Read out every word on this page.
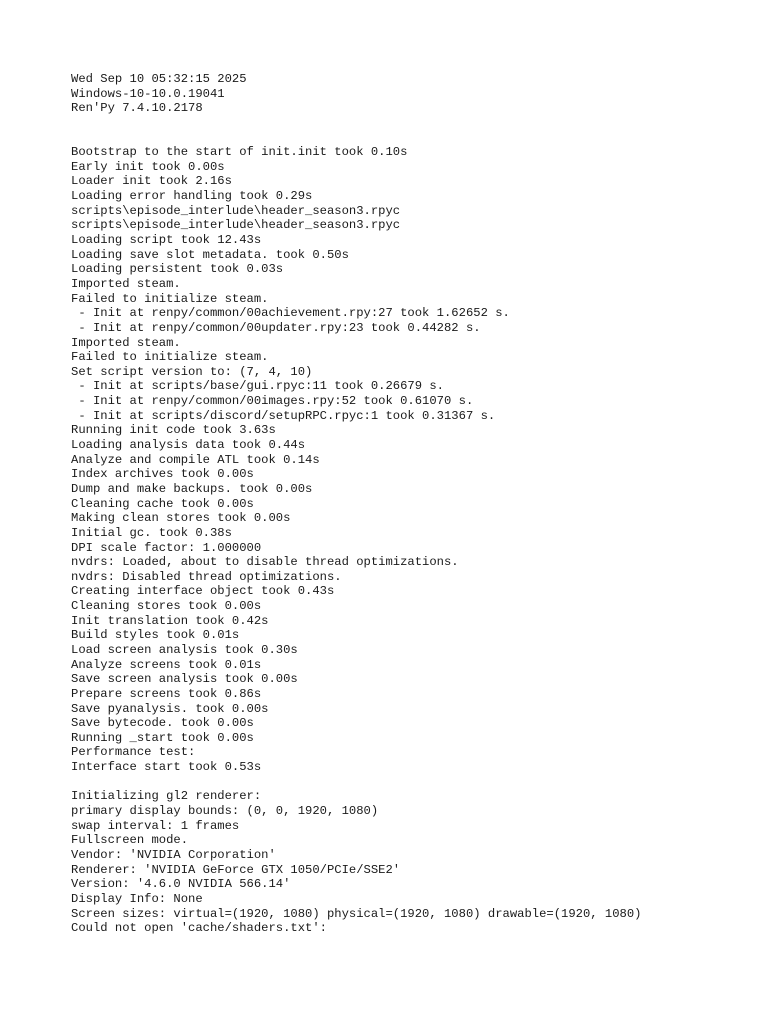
Wed Sep 10 05:32:15 2025
Windows-10-10.0.19041
Ren'Py 7.4.10.2178
Bootstrap to the start of init.init took 0.10s
Early init took 0.00s
Loader init took 2.16s
Loading error handling took 0.29s
scripts\episode_interlude\header_season3.rpyc
scripts\episode_interlude\header_season3.rpyc
Loading script took 12.43s
Loading save slot metadata. took 0.50s
Loading persistent took 0.03s
Imported steam.
Failed to initialize steam.
- Init at renpy/common/00achievement.rpy:27 took 1.62652 s.
- Init at renpy/common/00updater.rpy:23 took 0.44282 s.
Imported steam.
Failed to initialize steam.
Set script version to: (7, 4, 10)
- Init at scripts/base/gui.rpyc:11 took 0.26679 s.
- Init at renpy/common/00images.rpy:52 took 0.61070 s.
- Init at scripts/discord/setupRPC.rpyc:1 took 0.31367 s.
Running init code took 3.63s
Loading analysis data took 0.44s
Analyze and compile ATL took 0.14s
Index archives took 0.00s
Dump and make backups. took 0.00s
Cleaning cache took 0.00s
Making clean stores took 0.00s
Initial gc. took 0.38s
DPI scale factor: 1.000000
nvdrs: Loaded, about to disable thread optimizations.
nvdrs: Disabled thread optimizations.
Creating interface object took 0.43s
Cleaning stores took 0.00s
Init translation took 0.42s
Build styles took 0.01s
Load screen analysis took 0.30s
Analyze screens took 0.01s
Save screen analysis took 0.00s
Prepare screens took 0.86s
Save pyanalysis. took 0.00s
Save bytecode. took 0.00s
Running _start took 0.00s
Performance test:
Interface start took 0.53s
Initializing gl2 renderer:
primary display bounds: (0, 0, 1920, 1080)
swap interval: 1 frames
Fullscreen mode.
Vendor: 'NVIDIA Corporation'
Renderer: 'NVIDIA GeForce GTX 1050/PCIe/SSE2'
Version: '4.6.0 NVIDIA 566.14'
Display Info: None
Screen sizes: virtual=(1920, 1080) physical=(1920, 1080) drawable=(1920, 1080)
Could not open 'cache/shaders.txt':
